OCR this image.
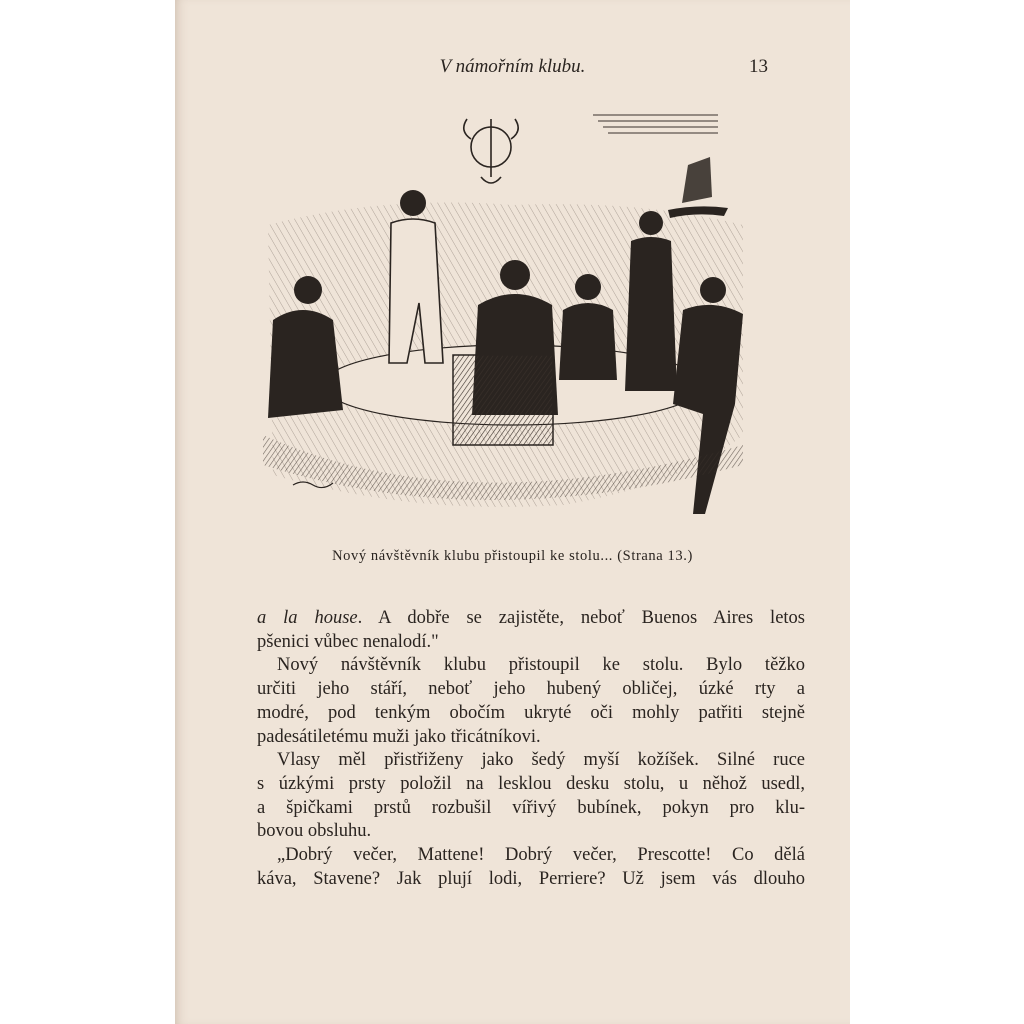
V námořním klubu.	13
Nový návštěvník klubu přistoupil ke stolu... (Strana 13.)
a la house. A dobře se zajistěte, neboť Buenos Aires letos
pšenici vůbec nenalodí."
Nový návštěvník klubu přistoupil ke stolu. Bylo těžko
určiti jeho stáří, neboť jeho hubený obličej, úzké rty a
modré, pod tenkým obočím ukryté oči mohly patřiti stejně
padesátiletému muži jako třicátníkovi.
Vlasy měl přistřiženy jako šedý myší kožíšek. Silné ruce
s úzkými prsty položil na lesklou desku stolu, u něhož usedl,
a špičkami prstů rozbušil vířivý bubínek, pokyn pro klu-
bovou obsluhu.
„Dobrý večer, Mattene! Dobrý večer, Prescotte! Co dělá
káva, Stavene? Jak plují lodi, Perriere? Už jsem vás dlouho
